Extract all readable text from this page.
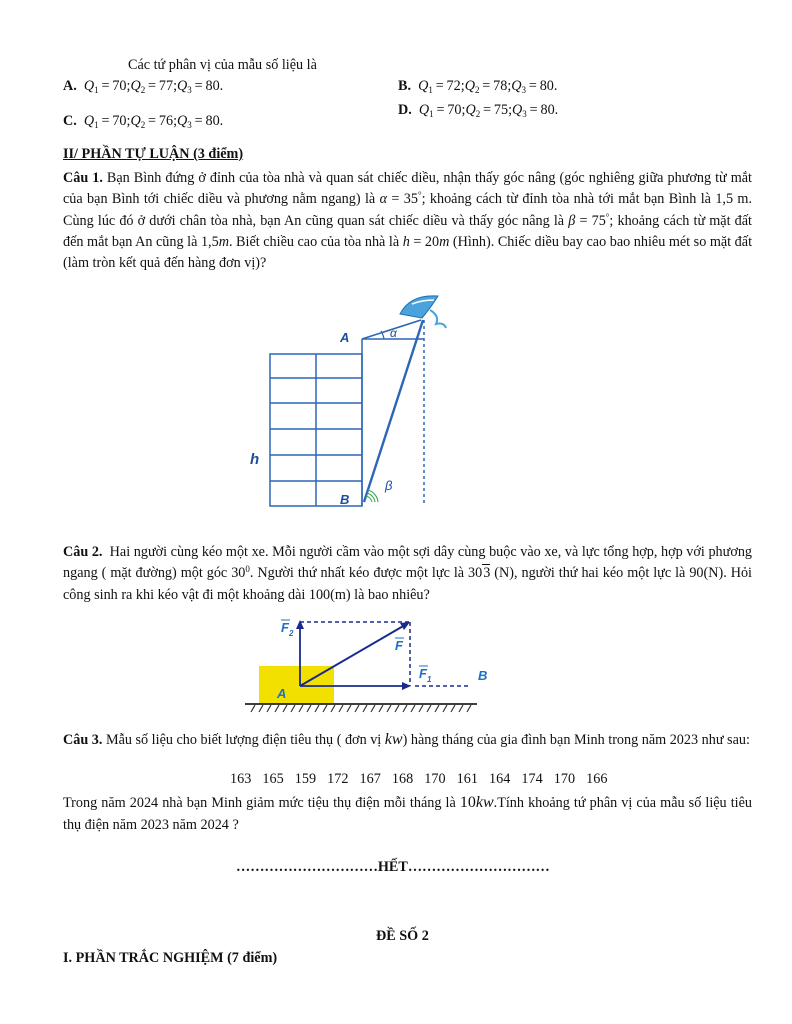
Các tứ phân vị của mẫu số liệu là
A. $Q_1$ = $70;Q_2$ = $77;Q_3 = 80$.	B. $Q_1$ = $72;Q_2$ = $78;Q_3 = 80$.
D. $Q_1$ = $70;Q_2$ = $75;Q_3 = 80$.
C. $Q_1$ = $70;Q_2$ = $76;Q_3 = 80$.
II/ PHẦN TỰ LUẬN (3 điểm)
Câu 1. Bạn Bình đứng ở đỉnh của tòa nhà và quan sát chiếc diều, nhận thấy góc nâng (góc nghiêng giữa phương từ mắt của bạn Bình tới chiếc diều và phương nằm ngang) là α = 35°; khoảng cách từ đỉnh tòa nhà tới mắt bạn Bình là 1,5 m. Cùng lúc đó ở dưới chân tòa nhà, bạn An cũng quan sát chiếc diều và thấy góc nâng là β = 75°; khoảng cách từ mặt đất đến mắt bạn An cũng là 1,5m. Biết chiều cao của tòa nhà là h = 20m (Hình). Chiếc diều bay cao bao nhiêu mét so mặt đất (làm tròn kết quả đến hàng đơn vị)?
A
B
h
α
β
Câu 2. Hai người cùng kéo một xe. Mỗi người cầm vào một sợi dây cùng buộc vào xe, và lực tổng hợp, hợp với phương ngang ( mặt đường) một góc $30^0$. Người thứ nhất kéo được một lực là 303 (N), người thứ hai kéo một lực là 90(N). Hỏi công sinh ra khi kéo vật đi một khoảng dài 100(m) là bao nhiêu?
F
F 2
F 1
A
B
Câu 3. Mẫu số liệu cho biết lượng điện tiêu thụ ( đơn vị kw) hàng tháng của gia đình bạn Minh trong năm 2023 như sau:
163 165 159 172 167 168 170 161 164 174 170 166
Trong năm 2024 nhà bạn Minh giảm mức tiệu thụ điện mỗi tháng là 10kw.Tính khoảng tứ phân vị của mẫu số liệu tiêu thụ điện năm 2023 năm 2024 ?
…………………………HẾT…………………………
ĐỀ SỐ 2
I. PHẦN TRẮC NGHIỆM (7 điểm)
